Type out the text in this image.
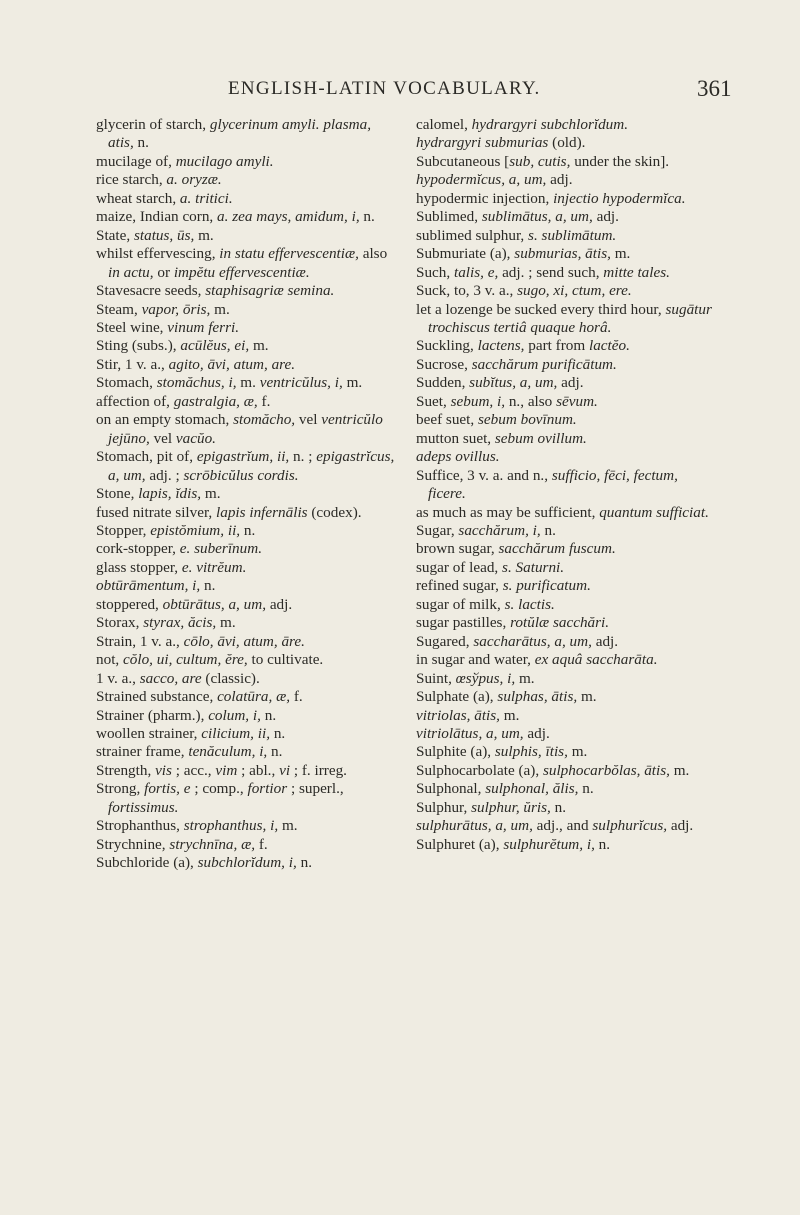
ENGLISH-LATIN VOCABULARY.	361
glycerin of starch, glycerinum amyli. plasma, atis, n.
mucilage of, mucilago amyli.
rice starch, a. oryzæ.
wheat starch, a. tritici.
maize, Indian corn, a. zea mays, amidum, i, n.
State, status, ūs, m.
whilst effervescing, in statu effervescentiæ, also in actu, or impĕtu effervescentiæ.
Stavesacre seeds, staphisagriæ semina.
Steam, vapor, ōris, m.
Steel wine, vinum ferri.
Sting (subs.), acūlĕus, ei, m.
Stir, 1 v. a., agito, āvi, atum, are.
Stomach, stomăchus, i, m. ventricŭlus, i, m.
affection of, gastralgia, æ, f.
on an empty stomach, stomăcho, vel ventricŭlo jejūno, vel vacŭo.
Stomach, pit of, epigastrĭum, ii, n. ; epigastrĭcus, a, um, adj. ; scrōbicŭlus cordis.
Stone, lapis, ĭdis, m.
fused nitrate silver, lapis infernālis (codex).
Stopper, epistŏmium, ii, n.
cork-stopper, e. suberīnum.
glass stopper, e. vitrĕum.
obtūrāmentum, i, n.
stoppered, obtūrātus, a, um, adj.
Storax, styrax, ăcis, m.
Strain, 1 v. a., cōlo, āvi, atum, āre.
not, cŏlo, ui, cultum, ĕre, to cultivate.
1 v. a., sacco, are (classic).
Strained substance, colatūra, æ, f.
Strainer (pharm.), colum, i, n.
woollen strainer, cilicium, ii, n.
strainer frame, tenăculum, i, n.
Strength, vis ; acc., vim ; abl., vi ; f. irreg.
Strong, fortis, e ; comp., fortior ; superl., fortissimus.
Strophanthus, strophanthus, i, m.
Strychnine, strychnīna, æ, f.
Subchloride (a), subchlorĭdum, i, n.
calomel, hydrargyri subchlorĭdum.
hydrargyri submurias (old).
Subcutaneous [sub, cutis, under the skin].
hypodermĭcus, a, um, adj.
hypodermic injection, injectio hypodermĭca.
Sublimed, sublimātus, a, um, adj.
sublimed sulphur, s. sublimātum.
Submuriate (a), submurias, ātis, m.
Such, talis, e, adj. ; send such, mitte tales.
Suck, to, 3 v. a., sugo, xi, ctum, ere.
let a lozenge be sucked every third hour, sugātur trochiscus tertiâ quaque horâ.
Suckling, lactens, part from lactĕo.
Sucrose, sacchărum purificātum.
Sudden, subĭtus, a, um, adj.
Suet, sebum, i, n., also sēvum.
beef suet, sebum bovīnum.
mutton suet, sebum ovillum.
adeps ovillus.
Suffice, 3 v. a. and n., sufficio, fēci, fectum, ficere.
as much as may be sufficient, quantum sufficiat.
Sugar, sacchărum, i, n.
brown sugar, sacchărum fuscum.
sugar of lead, s. Saturni.
refined sugar, s. purificatum.
sugar of milk, s. lactis.
sugar pastilles, rotŭlæ sacchări.
Sugared, saccharātus, a, um, adj.
in sugar and water, ex aquâ saccharāta.
Suint, œsўpus, i, m.
Sulphate (a), sulphas, ātis, m.
vitriolas, ātis, m.
vitriolātus, a, um, adj.
Sulphite (a), sulphis, ītis, m.
Sulphocarbolate (a), sulphocarbŏlas, ātis, m.
Sulphonal, sulphonal, ălis, n.
Sulphur, sulphur, ŭris, n.
sulphurātus, a, um, adj., and sulphurĭcus, adj.
Sulphuret (a), sulphurĕtum, i, n.
